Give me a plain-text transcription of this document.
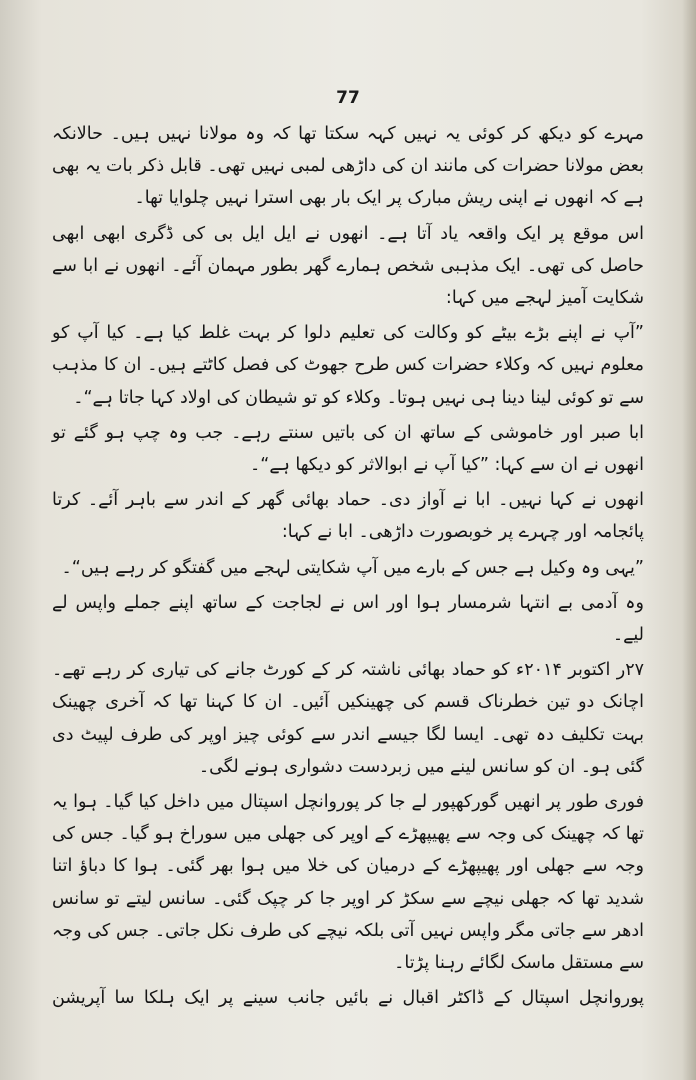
77

مہرے کو دیکھ کر کوئی یہ نہیں کہہ سکتا تھا کہ وہ مولانا نہیں ہیں۔ حالانکہ بعض مولانا حضرات کی مانند ان کی داڑھی لمبی نہیں تھی۔ قابل ذکر بات یہ بھی ہے کہ انھوں نے اپنی ریش مبارک پر ایک بار بھی استرا نہیں چلوایا تھا۔

اس موقع پر ایک واقعہ یاد آتا ہے۔ انھوں نے ایل ایل بی کی ڈگری ابھی ابھی حاصل کی تھی۔ ایک مذہبی شخص ہمارے گھر بطور مہمان آئے۔ انھوں نے ابا سے شکایت آمیز لہجے میں کہا:

”آپ نے اپنے بڑے بیٹے کو وکالت کی تعلیم دلوا کر بہت غلط کیا ہے۔ کیا آپ کو معلوم نہیں کہ وکلاء حضرات کس طرح جھوٹ کی فصل کاٹتے ہیں۔ ان کا مذہب سے تو کوئی لینا دینا ہی نہیں ہوتا۔ وکلاء کو تو شیطان کی اولاد کہا جاتا ہے“۔

ابا صبر اور خاموشی کے ساتھ ان کی باتیں سنتے رہے۔ جب وہ چپ ہو گئے تو انھوں نے ان سے کہا: ”کیا آپ نے ابوالاثر کو دیکھا ہے“۔

انھوں نے کہا نہیں۔ ابا نے آواز دی۔ حماد بھائی گھر کے اندر سے باہر آئے۔ کرتا پائجامہ اور چہرے پر خوبصورت داڑھی۔ ابا نے کہا:

”یہی وہ وکیل ہے جس کے بارے میں آپ شکایتی لہجے میں گفتگو کر رہے ہیں“۔

وہ آدمی بے انتہا شرمسار ہوا اور اس نے لجاجت کے ساتھ اپنے جملے واپس لے لیے۔

۲۷ر اکتوبر ۲۰۱۴ء کو حماد بھائی ناشتہ کر کے کورٹ جانے کی تیاری کر رہے تھے۔ اچانک دو تین خطرناک قسم کی چھینکیں آئیں۔ ان کا کہنا تھا کہ آخری چھینک بہت تکلیف دہ تھی۔ ایسا لگا جیسے اندر سے کوئی چیز اوپر کی طرف لپیٹ دی گئی ہو۔ ان کو سانس لینے میں زبردست دشواری ہونے لگی۔

فوری طور پر انھیں گورکھپور لے جا کر پوروانچل اسپتال میں داخل کیا گیا۔ ہوا یہ تھا کہ چھینک کی وجہ سے پھیپھڑے کے اوپر کی جھلی میں سوراخ ہو گیا۔ جس کی وجہ سے جھلی اور پھیپھڑے کے درمیان کی خلا میں ہوا بھر گئی۔ ہوا کا دباؤ اتنا شدید تھا کہ جھلی نیچے سے سکڑ کر اوپر جا کر چپک گئی۔ سانس لیتے تو سانس ادھر سے جاتی مگر واپس نہیں آتی بلکہ نیچے کی طرف نکل جاتی۔ جس کی وجہ سے مستقل ماسک لگائے رہنا پڑتا۔

پوروانچل اسپتال کے ڈاکٹر اقبال نے بائیں جانب سینے پر ایک ہلکا سا آپریشن
